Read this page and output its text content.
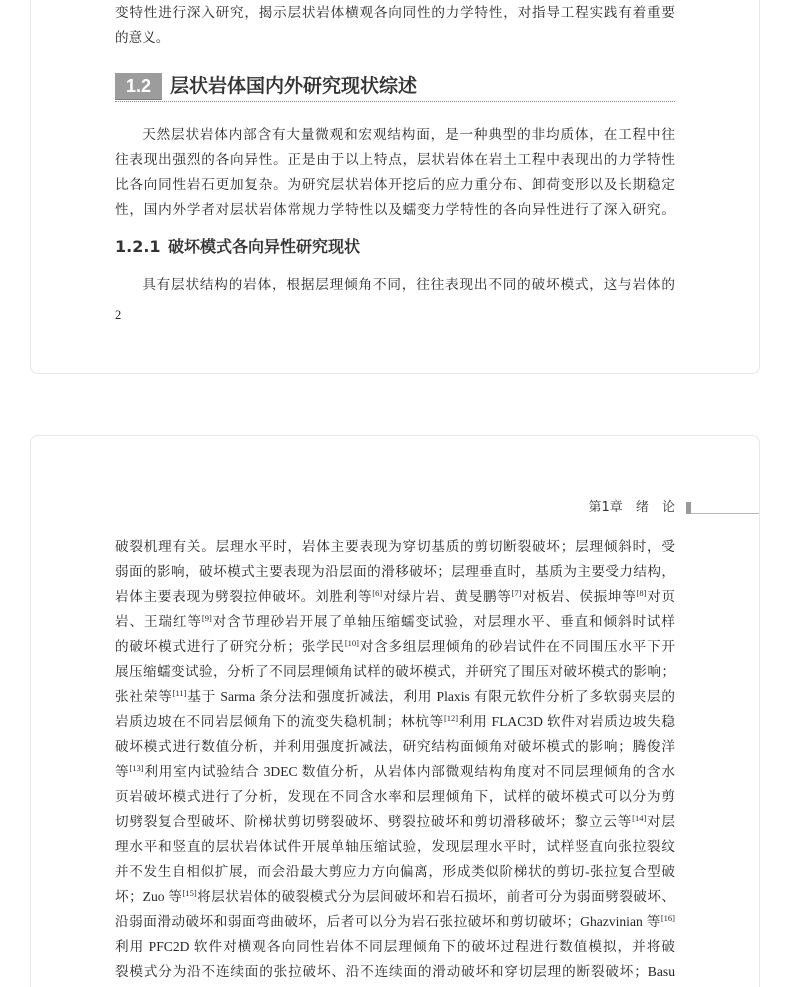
变特性进行深入研究，揭示层状岩体横观各向同性的力学特性，对指导工程实践有着重要
的意义。
1.2 层状岩体国内外研究现状综述
天然层状岩体内部含有大量微观和宏观结构面，是一种典型的非均质体，在工程中往
往表现出强烈的各向异性。正是由于以上特点，层状岩体在岩土工程中表现出的力学特性
比各向同性岩石更加复杂。为研究层状岩体开挖后的应力重分布、卸荷变形以及长期稳定
性，国内外学者对层状岩体常规力学特性以及蠕变力学特性的各向异性进行了深入研究。
1.2.1 破坏模式各向异性研究现状
具有层状结构的岩体，根据层理倾角不同，往往表现出不同的破坏模式，这与岩体的
2
第1章 绪 论
破裂机理有关。层理水平时，岩体主要表现为穿切基质的剪切断裂破坏；层理倾斜时，受
弱面的影响，破坏模式主要表现为沿层面的滑移破坏；层理垂直时，基质为主要受力结构，
岩体主要表现为劈裂拉伸破坏。刘胜利等[6]对绿片岩、黄旻鹏等[7]对板岩、侯振坤等[8]对页
岩、王瑞红等[9]对含节理砂岩开展了单轴压缩蠕变试验，对层理水平、垂直和倾斜时试样
的破坏模式进行了研究分析；张学民[10]对含多组层理倾角的砂岩试件在不同围压水平下开
展压缩蠕变试验，分析了不同层理倾角试样的破坏模式，并研究了围压对破坏模式的影响；
张社荣等[11]基于 Sarma 条分法和强度折减法，利用 Plaxis 有限元软件分析了多软弱夹层的
岩质边坡在不同岩层倾角下的流变失稳机制；林杭等[12]利用 FLAC3D 软件对岩质边坡失稳
破坏模式进行数值分析，并利用强度折减法，研究结构面倾角对破坏模式的影响；腾俊洋
等[13]利用室内试验结合 3DEC 数值分析，从岩体内部微观结构角度对不同层理倾角的含水
页岩破坏模式进行了分析，发现在不同含水率和层理倾角下，试样的破坏模式可以分为剪
切劈裂复合型破坏、阶梯状剪切劈裂破坏、劈裂拉破坏和剪切滑移破坏；黎立云等[14]对层
理水平和竖直的层状岩体试件开展单轴压缩试验，发现层理水平时，试样竖直向张拉裂纹
并不发生自相似扩展，而会沿最大剪应力方向偏离，形成类似阶梯状的剪切-张拉复合型破
坏；Zuo 等[15]将层状岩体的破裂模式分为层间破坏和岩石损坏，前者可分为弱面劈裂破坏、
沿弱面滑动破坏和弱面弯曲破坏，后者可以分为岩石张拉破坏和剪切破坏；Ghazvinian 等[16]
利用 PFC2D 软件对横观各向同性岩体不同层理倾角下的破坏过程进行数值模拟，并将破
裂模式分为沿不连续面的张拉破坏、沿不连续面的滑动破坏和穿切层理的断裂破坏；Basu
